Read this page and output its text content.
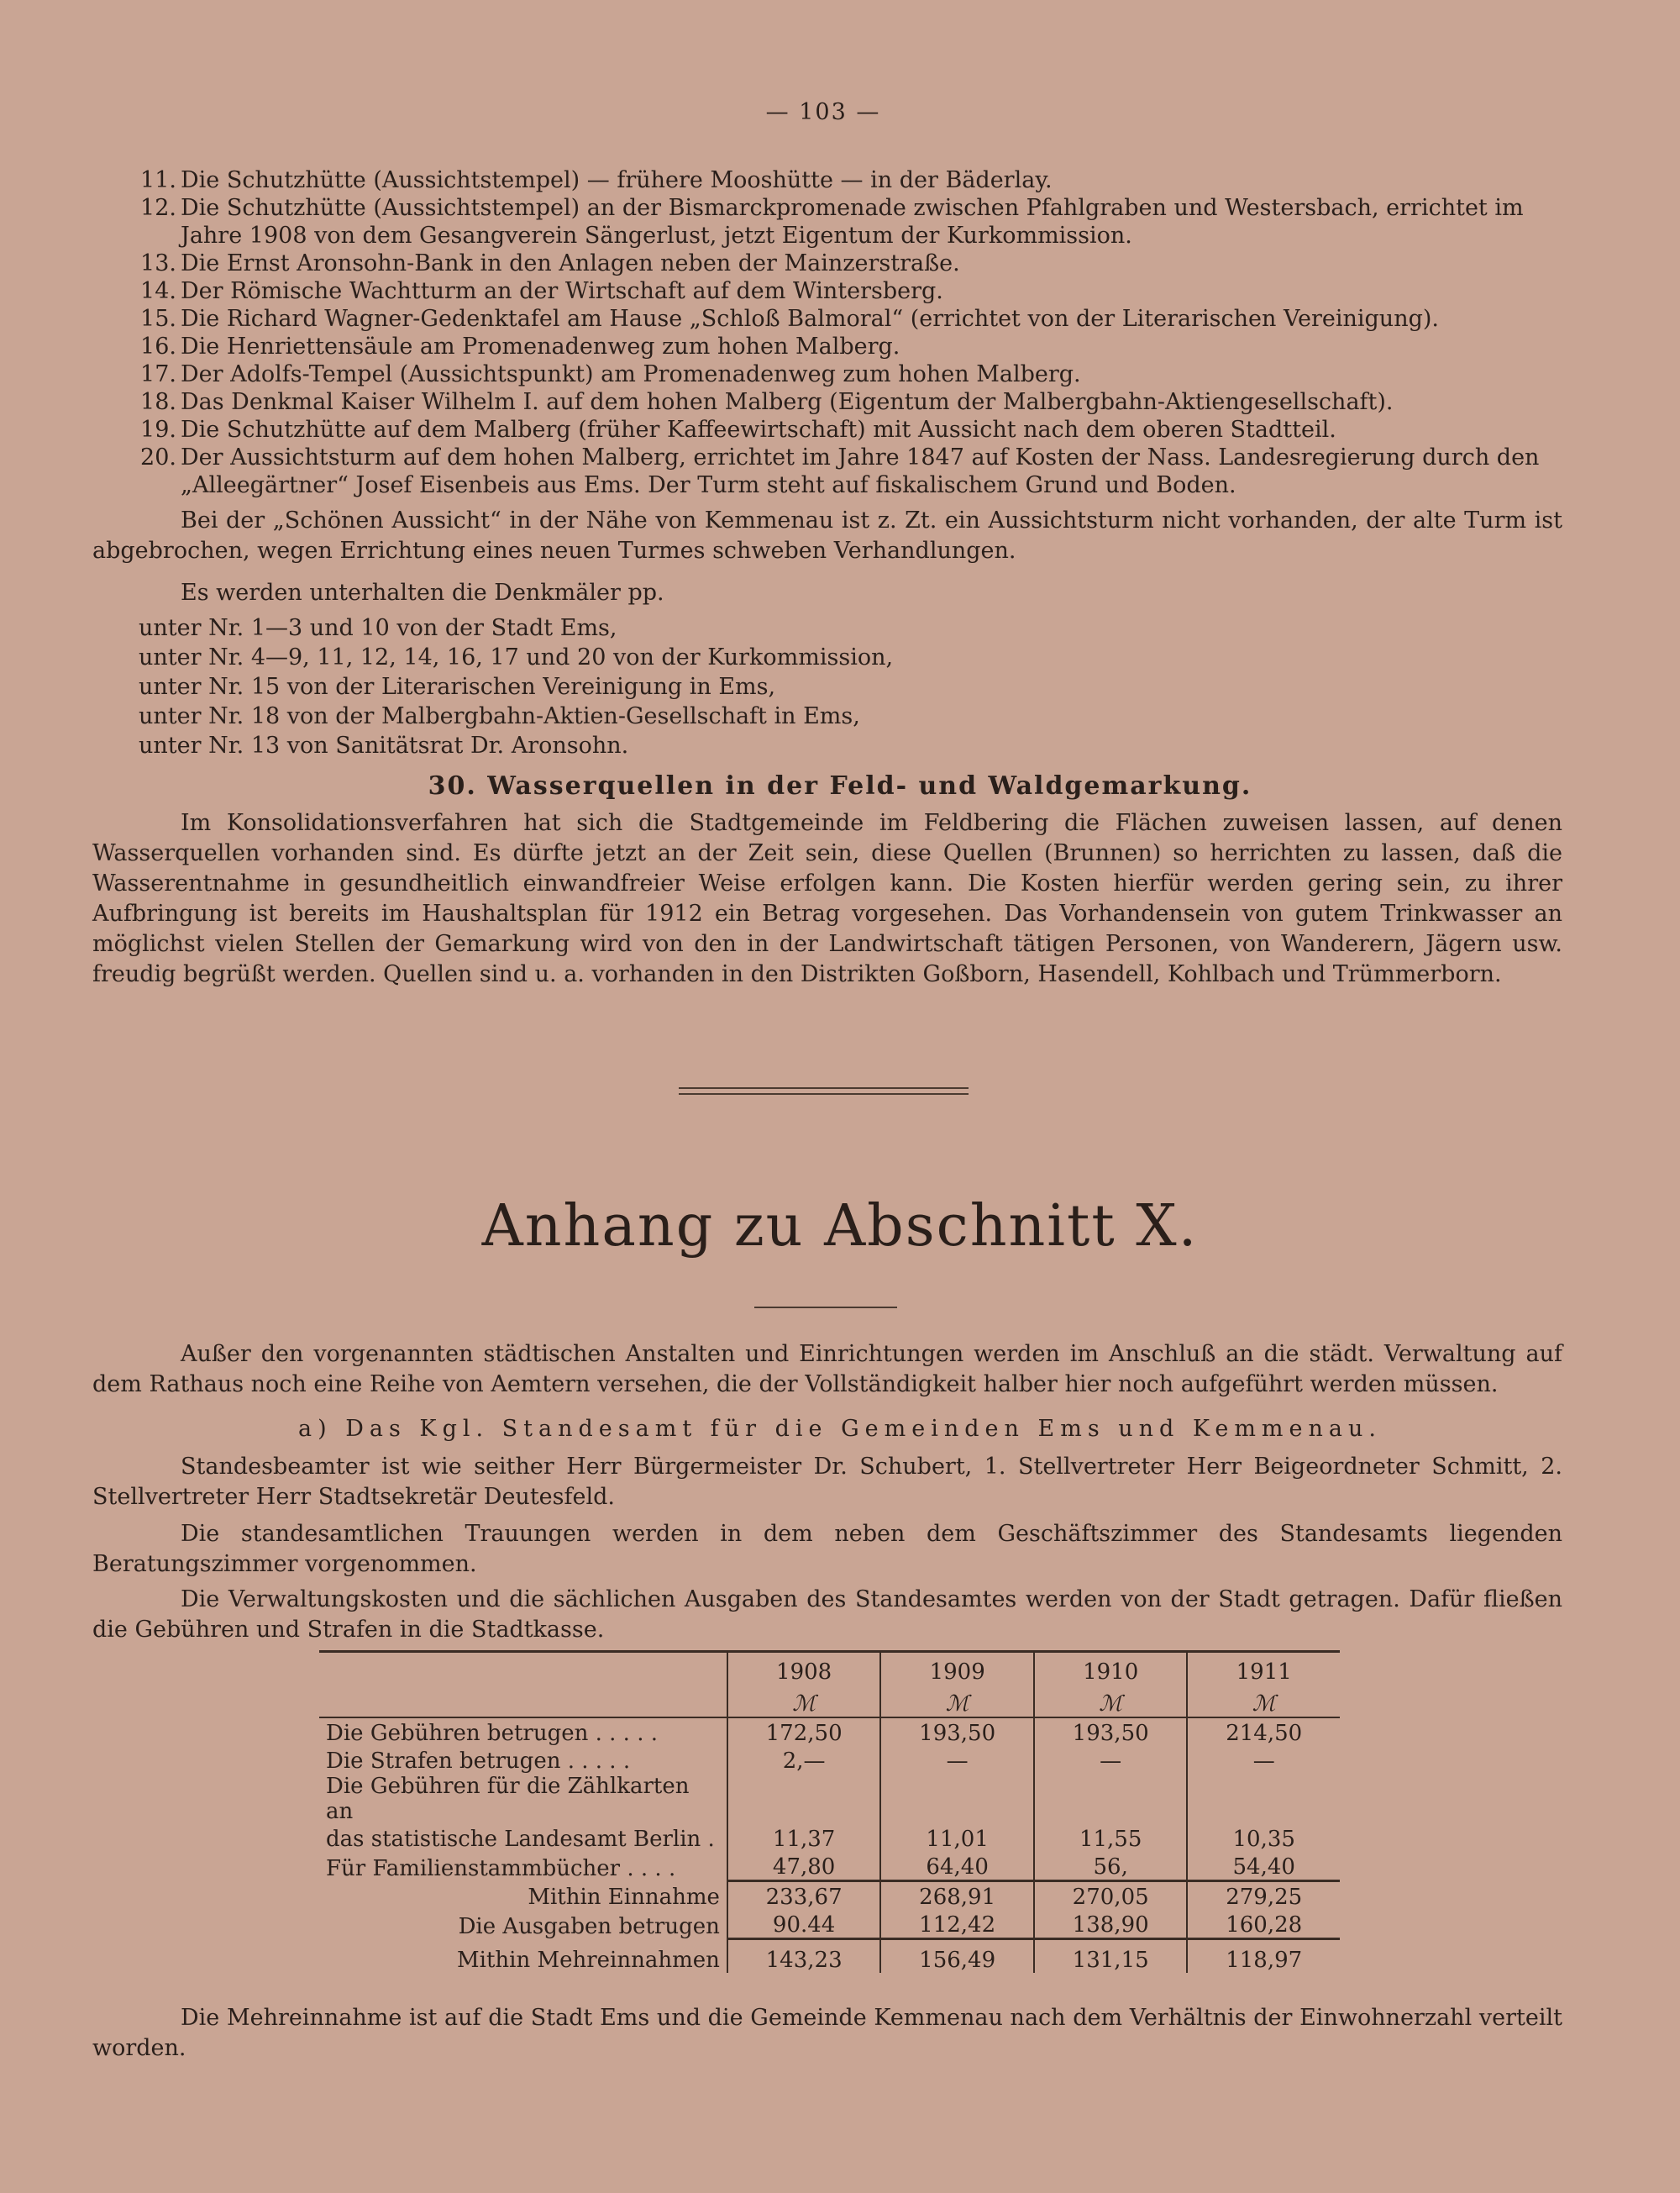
— 103 —
11. Die Schutzhütte (Aussichtstempel) — frühere Mooshütte — in der Bäderlay.
12. Die Schutzhütte (Aussichtstempel) an der Bismarckpromenade zwischen Pfahlgraben und Westersbach, errichtet im Jahre 1908 von dem Gesangverein Sängerlust, jetzt Eigentum der Kurkommission.
13. Die Ernst Aronsohn-Bank in den Anlagen neben der Mainzerstraße.
14. Der Römische Wachtturm an der Wirtschaft auf dem Wintersberg.
15. Die Richard Wagner-Gedenktafel am Hause „Schloß Balmoral“ (errichtet von der Literarischen Vereinigung).
16. Die Henriettensäule am Promenadenweg zum hohen Malberg.
17. Der Adolfs-Tempel (Aussichtspunkt) am Promenadenweg zum hohen Malberg.
18. Das Denkmal Kaiser Wilhelm I. auf dem hohen Malberg (Eigentum der Malbergbahn-Aktiengesellschaft).
19. Die Schutzhütte auf dem Malberg (früher Kaffeewirtschaft) mit Aussicht nach dem oberen Stadtteil.
20. Der Aussichtsturm auf dem hohen Malberg, errichtet im Jahre 1847 auf Kosten der Nass. Landesregierung durch den „Alleegärtner“ Josef Eisenbeis aus Ems. Der Turm steht auf fiskalischem Grund und Boden.
Bei der „Schönen Aussicht“ in der Nähe von Kemmenau ist z. Zt. ein Aussichtsturm nicht vorhanden, der alte Turm ist abgebrochen, wegen Errichtung eines neuen Turmes schweben Verhandlungen.
Es werden unterhalten die Denkmäler pp.
unter Nr. 1—3 und 10 von der Stadt Ems,
unter Nr. 4—9, 11, 12, 14, 16, 17 und 20 von der Kurkommission,
unter Nr. 15 von der Literarischen Vereinigung in Ems,
unter Nr. 18 von der Malbergbahn-Aktien-Gesellschaft in Ems,
unter Nr. 13 von Sanitätsrat Dr. Aronsohn.
30. Wasserquellen in der Feld- und Waldgemarkung.
Im Konsolidationsverfahren hat sich die Stadtgemeinde im Feldbering die Flächen zuweisen lassen, auf denen Wasserquellen vorhanden sind. Es dürfte jetzt an der Zeit sein, diese Quellen (Brunnen) so herrichten zu lassen, daß die Wasserentnahme in gesundheitlich einwandfreier Weise erfolgen kann. Die Kosten hierfür werden gering sein, zu ihrer Aufbringung ist bereits im Haushaltsplan für 1912 ein Betrag vorgesehen. Das Vorhandensein von gutem Trinkwasser an möglichst vielen Stellen der Gemarkung wird von den in der Landwirtschaft tätigen Personen, von Wanderern, Jägern usw. freudig begrüßt werden. Quellen sind u. a. vorhanden in den Distrikten Goßborn, Hasendell, Kohlbach und Trümmerborn.
Anhang zu Abschnitt X.
Außer den vorgenannten städtischen Anstalten und Einrichtungen werden im Anschluß an die städt. Verwaltung auf dem Rathaus noch eine Reihe von Aemtern versehen, die der Vollständigkeit halber hier noch aufgeführt werden müssen.
a) Das Kgl. Standesamt für die Gemeinden Ems und Kemmenau.
Standesbeamter ist wie seither Herr Bürgermeister Dr. Schubert, 1. Stellvertreter Herr Beigeordneter Schmitt, 2. Stellvertreter Herr Stadtsekretär Deutesfeld.
Die standesamtlichen Trauungen werden in dem neben dem Geschäftszimmer des Standesamts liegenden Beratungszimmer vorgenommen.
Die Verwaltungskosten und die sächlichen Ausgaben des Standesamtes werden von der Stadt getragen. Dafür fließen die Gebühren und Strafen in die Stadtkasse.
	1908	1909	1910	1911
	ℳ	ℳ	ℳ	ℳ
Die Gebühren betrugen . . . . .	172,50	193,50	193,50	214,50
Die Strafen betrugen . . . . .	2,—	—	—	—
Die Gebühren für die Zählkarten an				
das statistische Landesamt Berlin .	11,37	11,01	11,55	10,35
Für Familienstammbücher . . . .	47,80	64,40	56,	54,40
Mithin Einnahme	233,67	268,91	270,05	279,25
Die Ausgaben betrugen	90.44	112,42	138,90	160,28
Mithin Mehreinnahmen	143,23	156,49	131,15	118,97
Die Mehreinnahme ist auf die Stadt Ems und die Gemeinde Kemmenau nach dem Verhältnis der Einwohnerzahl verteilt worden.
